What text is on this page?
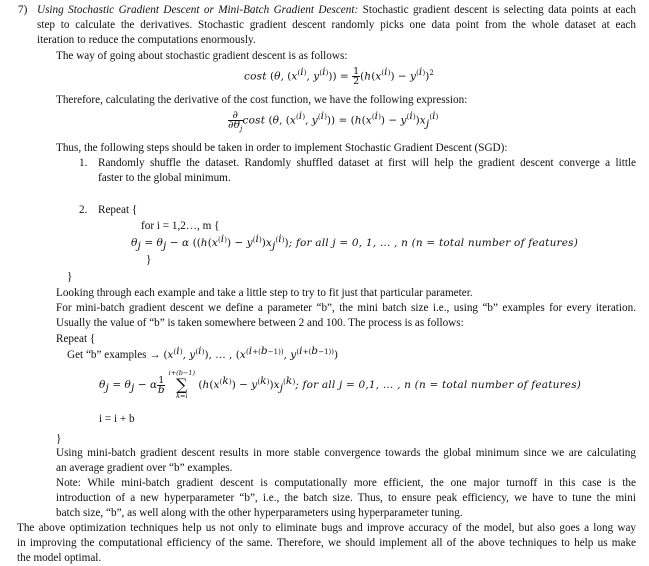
7) Using Stochastic Gradient Descent or Mini-Batch Gradient Descent: Stochastic gradient descent is selecting data points at each
step to calculate the derivatives. Stochastic gradient descent randomly picks one data point from the whole dataset at each
iteration to reduce the computations enormously.
The way of going about stochastic gradient descent is as follows:
cost (θ, ($x^{(i)}$, $y^{(i)})) = \frac{1}{2} (h(x^{(i)}) - y^{(i)})^2$
Therefore, calculating the derivative of the cost function, we have the following expression:
$\frac{\partial}{\partial\theta_j}$ cost (θ, ($x^{(i)}$, $y^{(i)})) = (h(x^{(i)}) - y^{(i)})x_j^{(i)}$
Thus, the following steps should be taken in order to implement Stochastic Gradient Descent (SGD):
1. Randomly shuffle the dataset. Randomly shuffled dataset at first will help the gradient descent converge a little
faster to the global minimum.
2. Repeat {
for i = 1,2…, m {
$\theta_j = \theta_j - \alpha$ $((h(x^{(i)}) - y^{(i)})x_j^{(i)})$; for all j = 0, 1, … , n (n = total number of features)
}
}
Looking through each example and take a little step to try to fit just that particular parameter.
For mini-batch gradient descent we define a parameter “b”, the mini batch size i.e., using “b” examples for every iteration.
Usually the value of “b” is taken somewhere between 2 and 100. The process is as follows:
Repeat {
Get “b” examples → ($x^{(i)}$, $y^{(i)}$), … , ($x^{(i+(b-1))}$, $y^{(i+(b-1))}$)
$\theta_j = \theta_j - \alpha \frac{1}{b}$

i+(b−1)
∑
k=i
$(h(x^{(k)}) - y^{(k)})x_j^{(k)}$; for all j = 0,1, … , n (n = total number of features)
i = i + b
}
Using mini-batch gradient descent results in more stable convergence towards the global minimum since we are calculating
an average gradient over “b” examples.
Note: While mini-batch gradient descent is computationally more efficient, the one major turnoff in this case is the
introduction of a new hyperparameter “b”, i.e., the batch size. Thus, to ensure peak efficiency, we have to tune the mini
batch size, “b”, as well along with the other hyperparameters using hyperparameter tuning.
The above optimization techniques help us not only to eliminate bugs and improve accuracy of the model, but also goes a long way
in improving the computational efficiency of the same. Therefore, we should implement all of the above techniques to help us make
the model optimal.
